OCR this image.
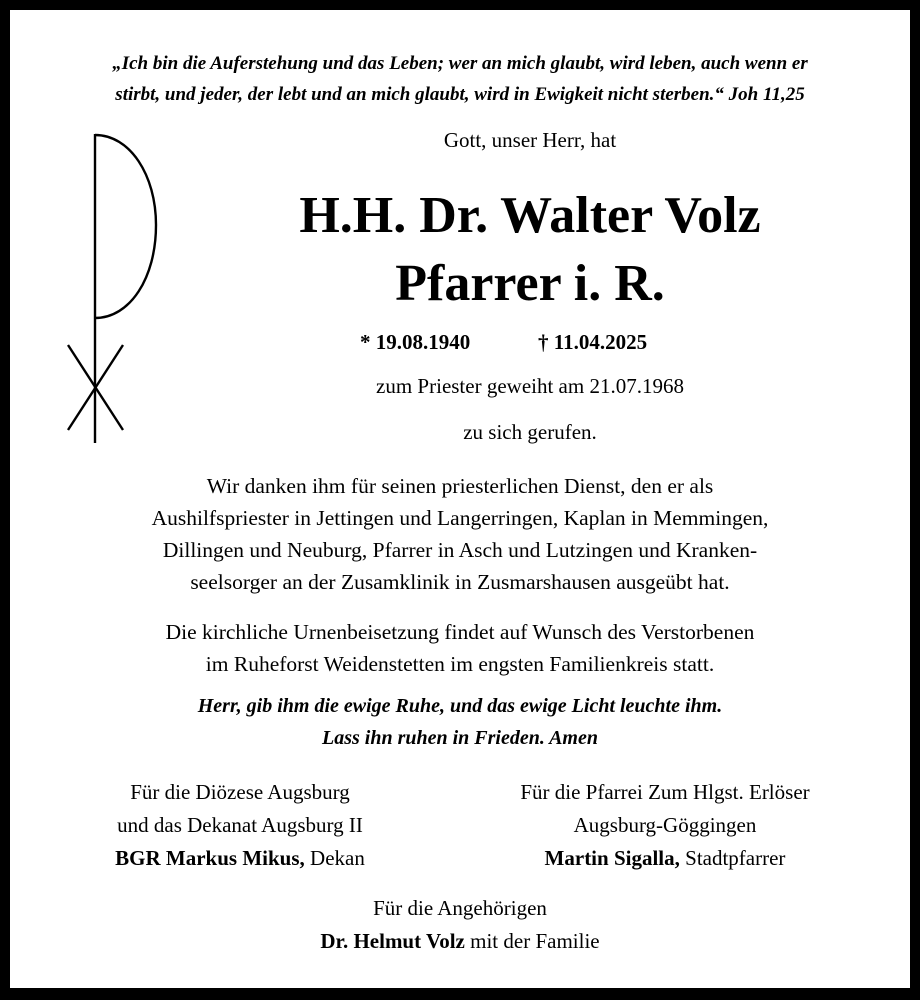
„Ich bin die Auferstehung und das Leben; wer an mich glaubt, wird leben, auch wenn er
stirbt, und jeder, der lebt und an mich glaubt, wird in Ewigkeit nicht sterben.“ Joh 11,25
Gott, unser Herr, hat
H.H. Dr. Walter Volz
Pfarrer i. R.
* 19.08.1940	† 11.04.2025
zum Priester geweiht am 21.07.1968
zu sich gerufen.
Wir danken ihm für seinen priesterlichen Dienst, den er als
Aushilfspriester in Jettingen und Langerringen, Kaplan in Memmingen,
Dillingen und Neuburg, Pfarrer in Asch und Lutzingen und Kranken-
seelsorger an der Zusamklinik in Zusmarshausen ausgeübt hat.
Die kirchliche Urnenbeisetzung findet auf Wunsch des Verstorbenen
im Ruheforst Weidenstetten im engsten Familienkreis statt.
Herr, gib ihm die ewige Ruhe, und das ewige Licht leuchte ihm.
Lass ihn ruhen in Frieden. Amen
Für die Diözese Augsburg
und das Dekanat Augsburg II
BGR Markus Mikus, Dekan
Für die Pfarrei Zum Hlgst. Erlöser
Augsburg-Göggingen
Martin Sigalla, Stadtpfarrer
Für die Angehörigen
Dr. Helmut Volz mit der Familie
